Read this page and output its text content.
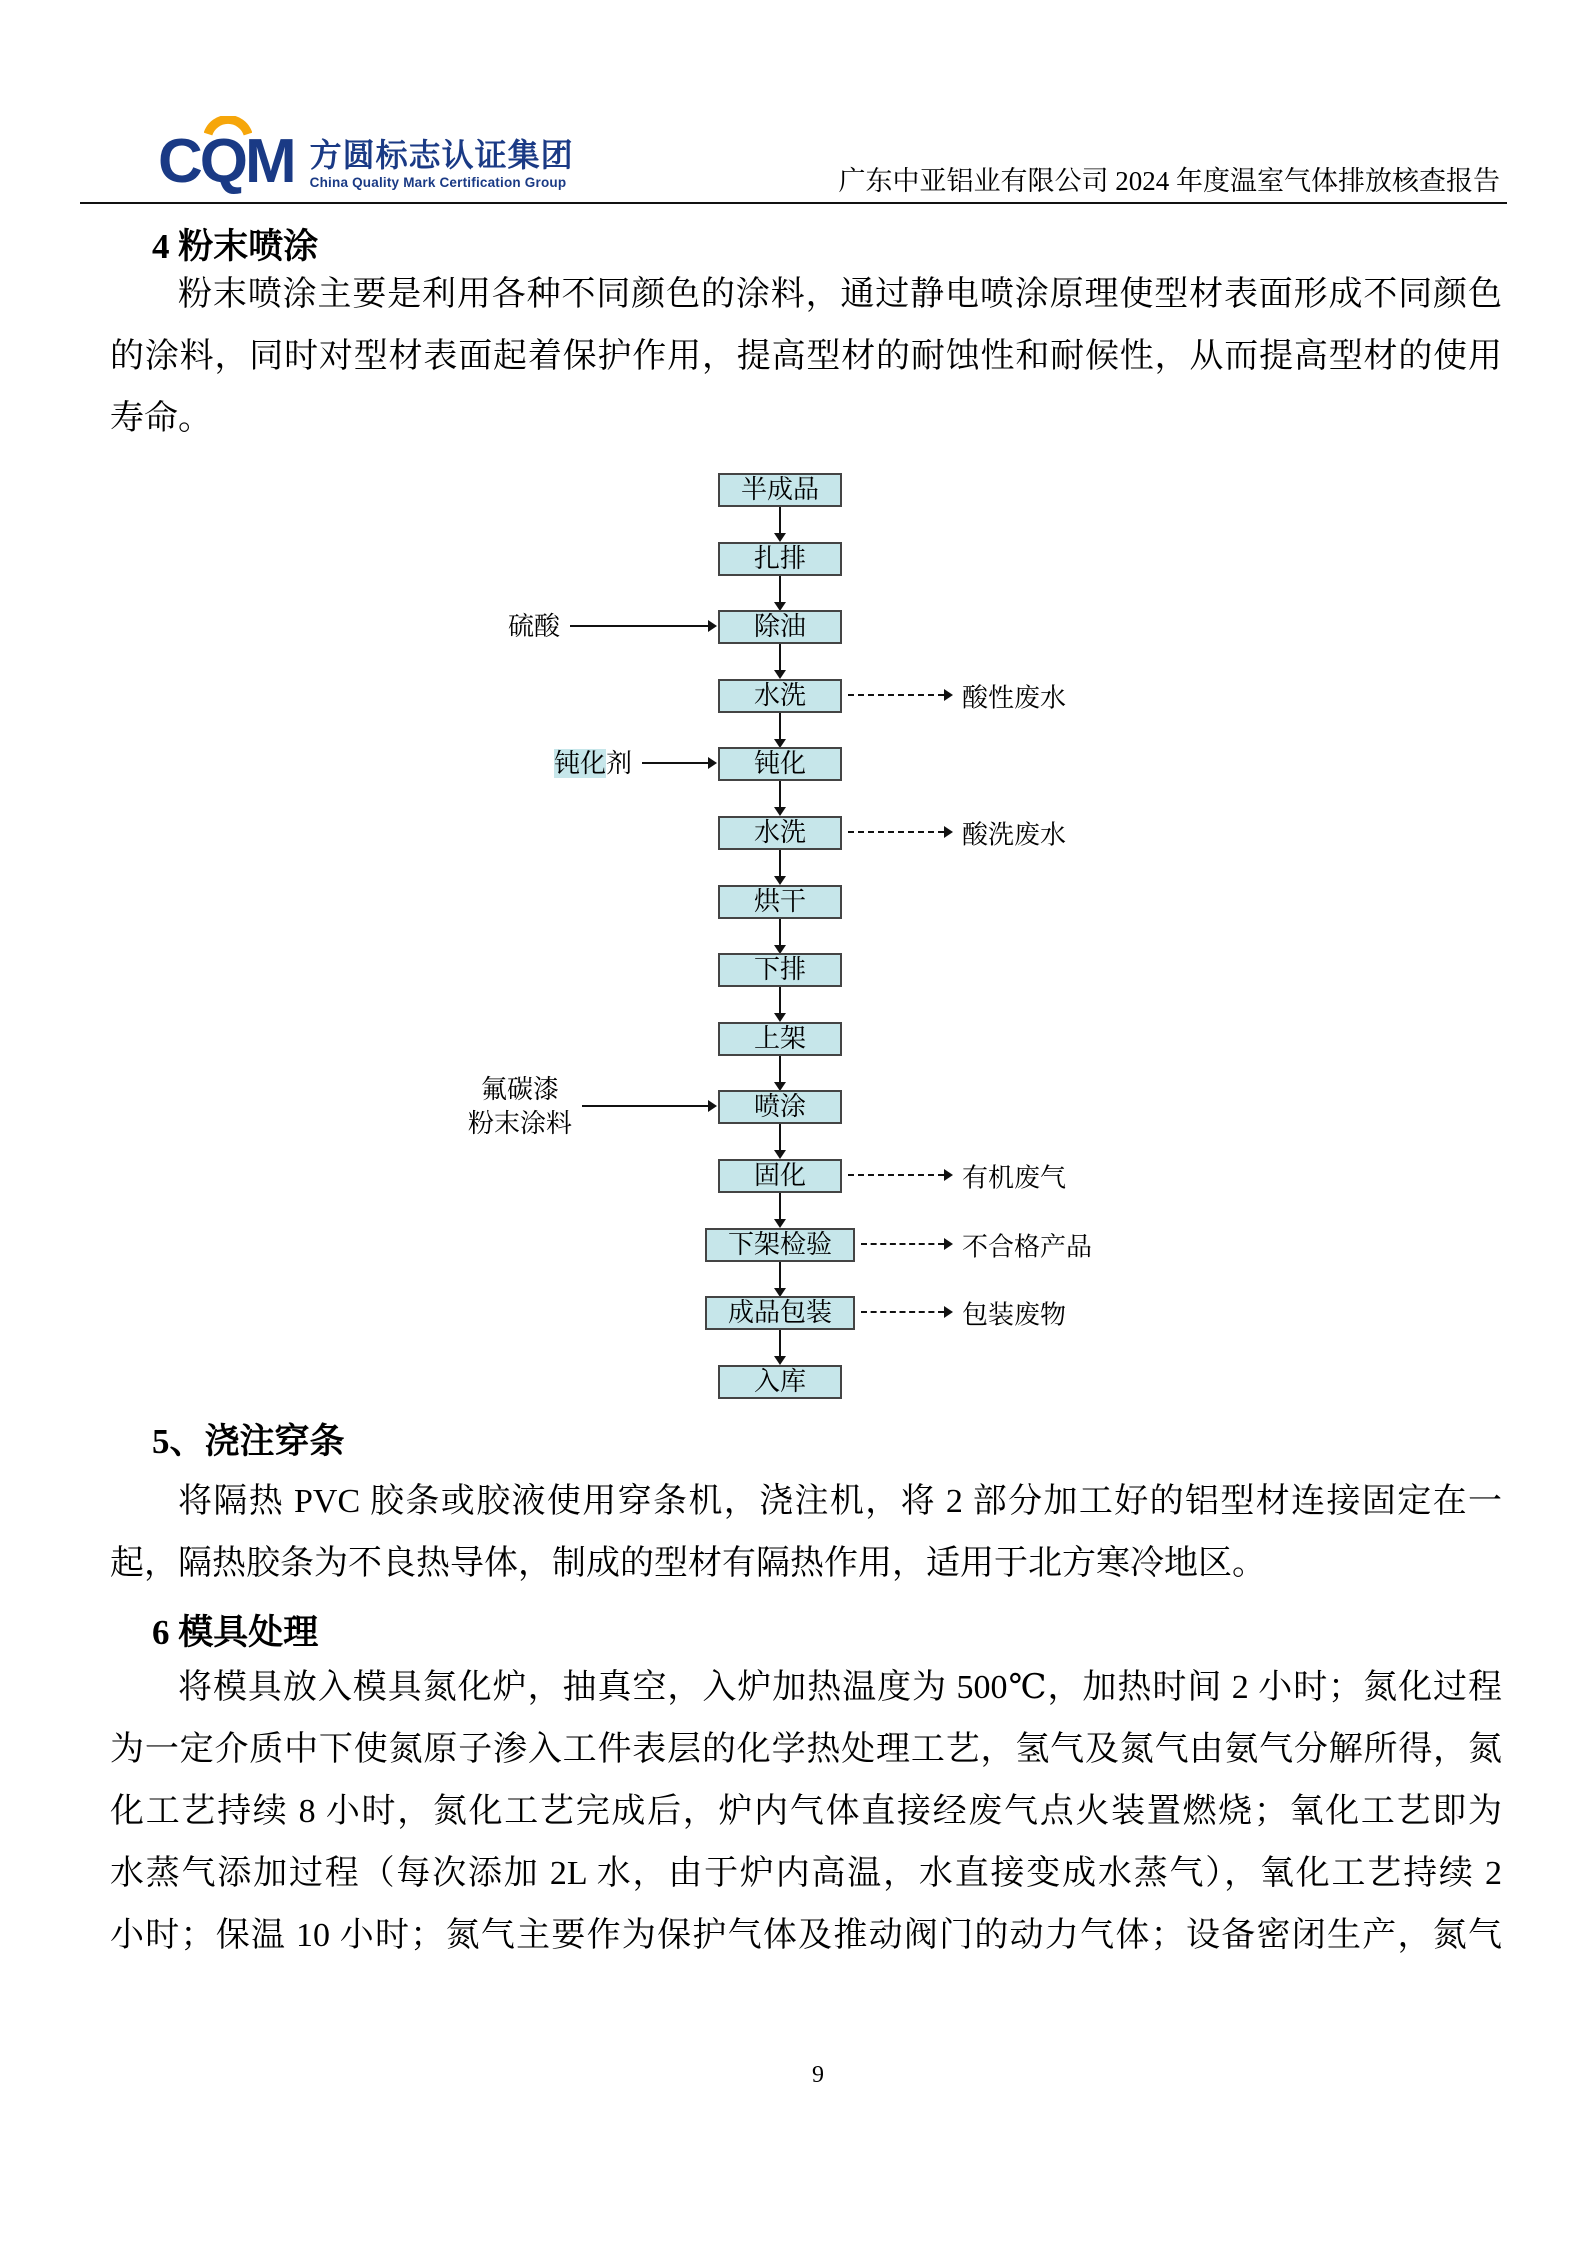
CQM 方圆标志认证集团
China Quality Mark Certification Group	广东中亚铝业有限公司 2024 年度温室气体排放核查报告
4 粉末喷涂
粉末喷涂主要是利用各种不同颜色的涂料，通过静电喷涂原理使型材表面形成不同颜色
的涂料，同时对型材表面起着保护作用，提高型材的耐蚀性和耐候性，从而提高型材的使用
寿命。
半成品
扎排
除油
硫酸
水洗	酸性废水
钝化
钝化剂
水洗	酸洗废水
烘干
下排
上架
喷涂
氟碳漆
粉末涂料
固化	有机废气
下架检验	不合格产品
成品包装	包装废物
入库
5、浇注穿条
将隔热 PVC 胶条或胶液使用穿条机，浇注机，将 2 部分加工好的铝型材连接固定在一
起，隔热胶条为不良热导体，制成的型材有隔热作用，适用于北方寒冷地区。
6 模具处理
将模具放入模具氮化炉，抽真空，入炉加热温度为 500℃，加热时间 2 小时；氮化过程
为一定介质中下使氮原子渗入工件表层的化学热处理工艺，氢气及氮气由氨气分解所得，氮
化工艺持续 8 小时，氮化工艺完成后，炉内气体直接经废气点火装置燃烧；氧化工艺即为
水蒸气添加过程（每次添加 2L 水，由于炉内高温，水直接变成水蒸气），氧化工艺持续 2
小时；保温 10 小时；氮气主要作为保护气体及推动阀门的动力气体；设备密闭生产，氮气
9
